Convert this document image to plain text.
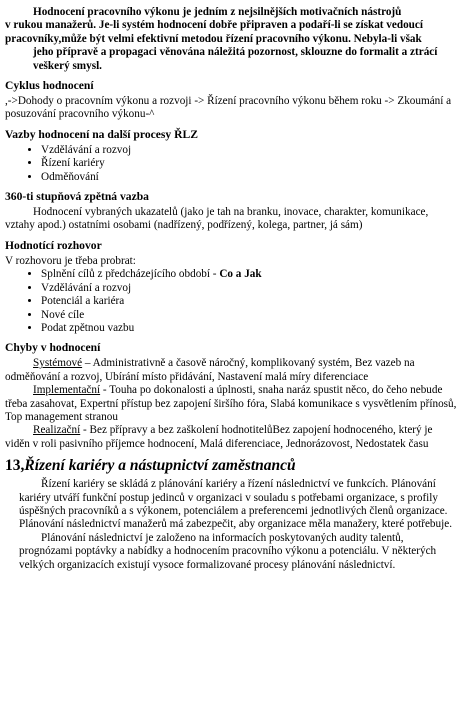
Hodnocení pracovního výkonu je jedním z nejsilnějších motivačních nástrojů
v rukou manažerů. Je-li systém hodnocení dobře připraven a podaří-li se získat vedoucí pracovníky,může být velmi efektivní metodou řízení pracovního výkonu. Nebyla-li však
jeho přípravě a propagaci věnována náležitá pozornost, sklouzne do formalit a ztrácí veškerý smysl.
Cyklus hodnocení

,->Dohody o pracovním výkonu a rozvoji -> Řízení pracovního výkonu během roku -> Zkoumání a posuzování pracovního výkonu-^

Vazby hodnocení na další procesy ŘLZ
• Vzdělávání a rozvoj
• Řízení kariéry
• Odměňování
360-ti stupňová zpětná vazba

Hodnocení vybraných ukazatelů (jako je tah na branku, inovace, charakter, komunikace, vztahy apod.) ostatními osobami (nadřízený, podřízený, kolega, partner, já sám)

Hodnotící rozhovor

V rozhovoru je třeba probrat:

• Splnění cílů z předcházejícího období - Co a Jak
• Vzdělávání a rozvoj
• Potenciál a kariéra
• Nové cíle
• Podat zpětnou vazbu
Chyby v hodnocení

Systémové – Administrativně a časově náročný, komplikovaný systém, Bez vazeb na odměňování a rozvoj, Ubírání místo přidávání, Nastavení malá míry diferenciace

Implementační - Touha po dokonalosti a úplnosti, snaha naráz spustit něco, do čeho nebude třeba zasahovat, Expertní přístup bez zapojení širšího fóra, Slabá komunikace s vysvětlením přínosů, Top management stranou

Realizační - Bez přípravy a bez zaškolení hodnotitelůBez zapojení hodnoceného, který je viděn v roli pasivního příjemce hodnocení, Malá diferenciace, Jednorázovost, Nedostatek času

13,Řízení kariéry a nástupnictví zaměstnanců

Řízení kariéry se skládá z plánování kariéry a řízení následnictví ve funkcích. Plánování kariéry utváří funkční postup jedinců v organizaci v souladu s potřebami organizace, s profily úspěšných pracovníků a s výkonem, potenciálem a preferencemi jednotlivých členů organizace. Plánování následnictví manažerů má zabezpečit, aby organizace měla manažery, které potřebuje.

Plánování následnictví je založeno na informacích poskytovaných audity talentů, prognózami poptávky a nabídky a hodnocením pracovního výkonu a potenciálu. V některých velkých organizacích existují vysoce formalizované procesy plánování následnictví.
